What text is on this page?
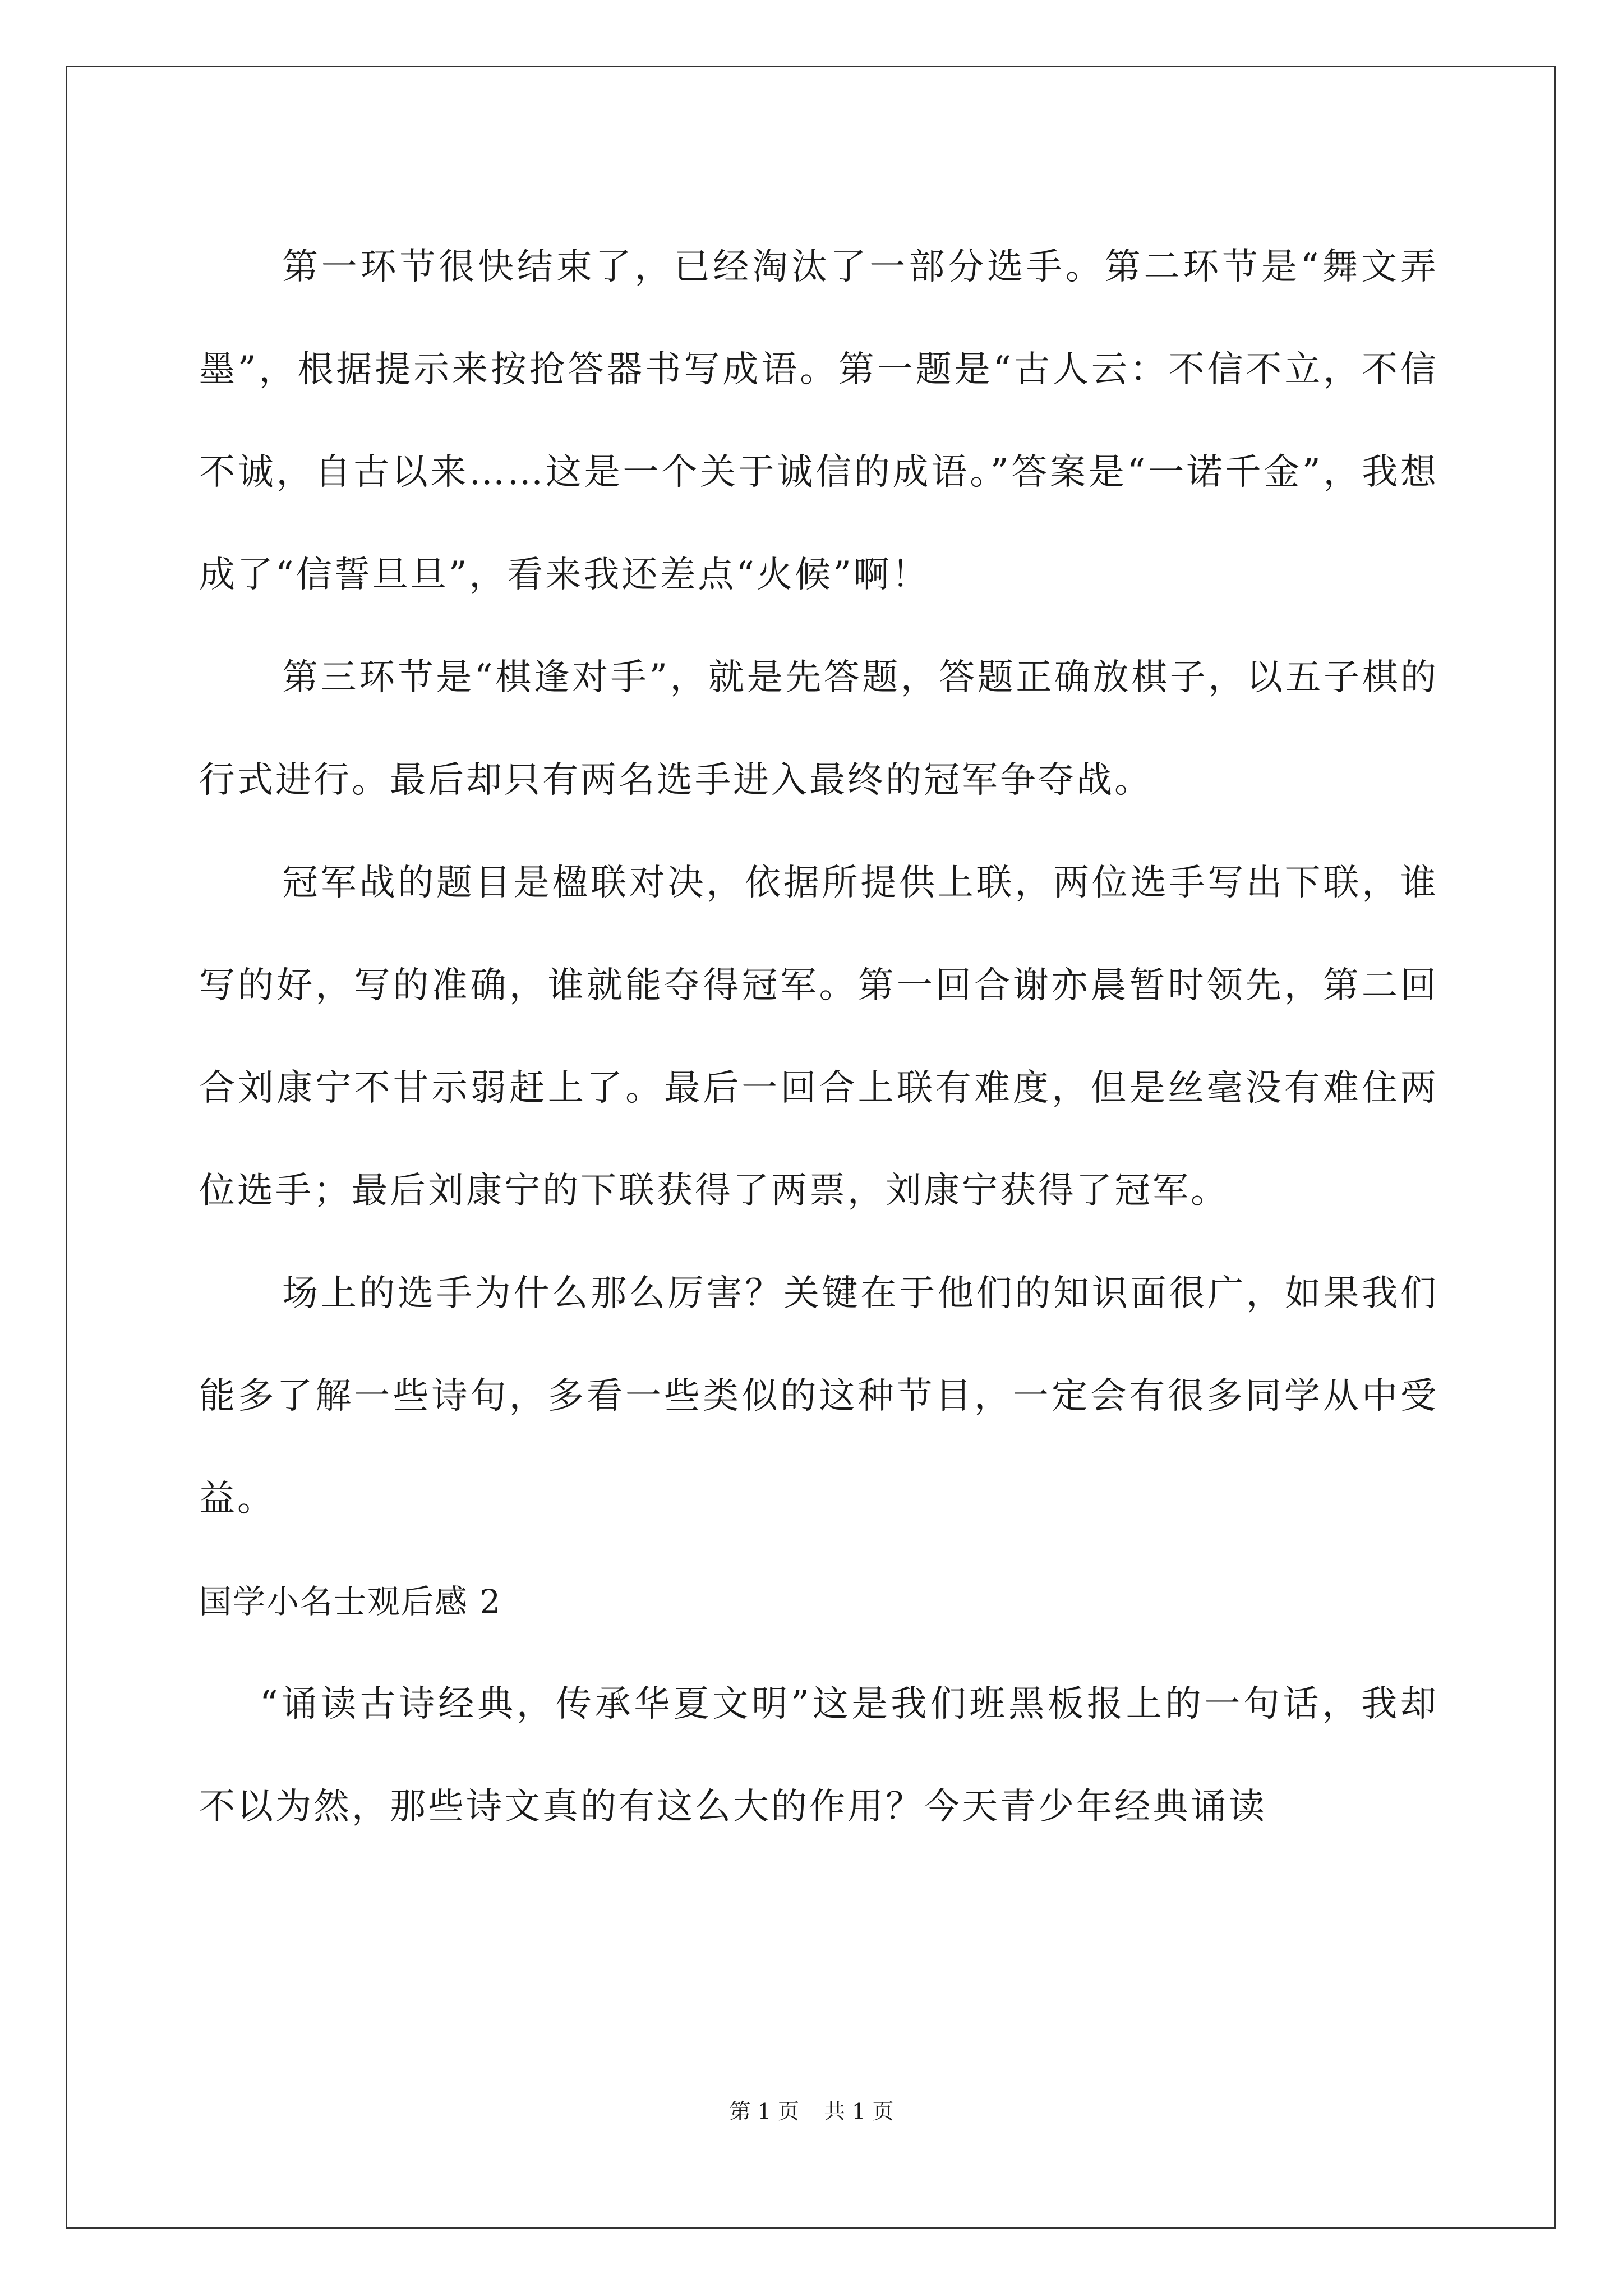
第一环节很快结束了，已经淘汰了一部分选手。第二环节是“舞文弄墨”，根据提示来按抢答器书写成语。第一题是“古人云：不信不立，不信不诚，自古以来……这是一个关于诚信的成语。”答案是“一诺千金”，我想成了“信誓旦旦”，看来我还差点“火候”啊！

第三环节是“棋逢对手”，就是先答题，答题正确放棋子，以五子棋的行式进行。最后却只有两名选手进入最终的冠军争夺战。

冠军战的题目是楹联对决，依据所提供上联，两位选手写出下联，谁写的好，写的准确，谁就能夺得冠军。第一回合谢亦晨暂时领先，第二回合刘康宁不甘示弱赶上了。最后一回合上联有难度，但是丝毫没有难住两位选手；最后刘康宁的下联获得了两票，刘康宁获得了冠军。

场上的选手为什么那么厉害？关键在于他们的知识面很广，如果我们能多了解一些诗句，多看一些类似的这种节目，一定会有很多同学从中受益。

国学小名士观后感 2

“诵读古诗经典，传承华夏文明”这是我们班黑板报上的一句话，我却不以为然，那些诗文真的有这么大的作用？今天青少年经典诵读

第 1 页 共 1 页
